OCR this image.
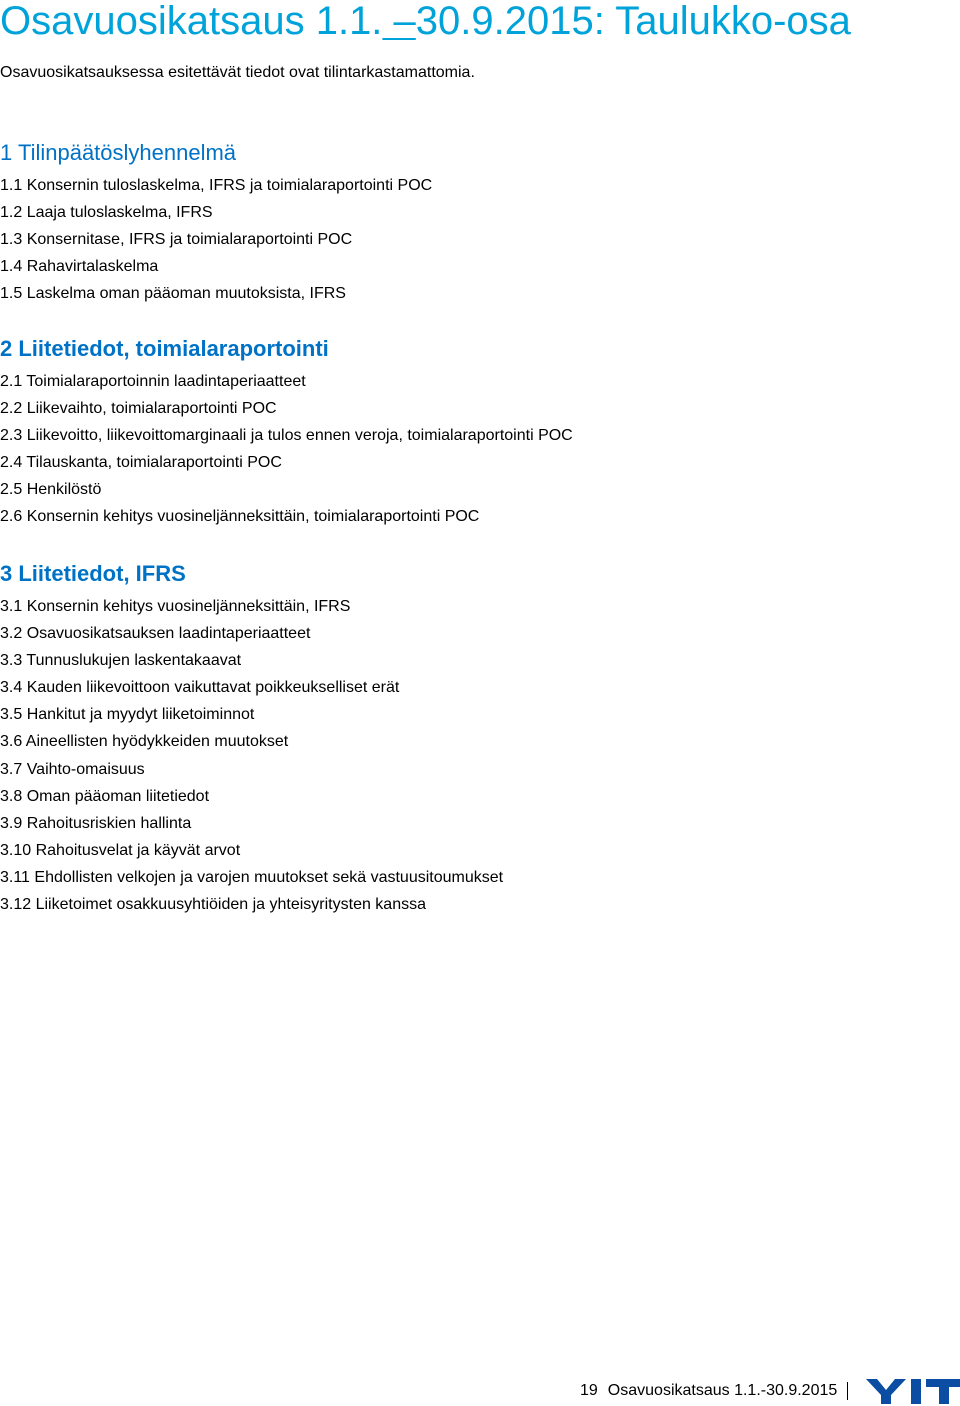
Osavuosikatsaus 1.1. –30.9.2015: Taulukko-osa

Osavuosikatsauksessa esitettävät tiedot ovat tilintarkastamattomia.

1 Tilinpäätöslyhennelmä
1.1 Konsernin tuloslaskelma, IFRS ja toimialaraportointi POC
1.2 Laaja tuloslaskelma, IFRS
1.3 Konsernitase, IFRS ja toimialaraportointi POC
1.4 Rahavirtalaskelma
1.5 Laskelma oman pääoman muutoksista, IFRS
2 Liitetiedot, toimialaraportointi
2.1 Toimialaraportoinnin laadintaperiaatteet
2.2 Liikevaihto, toimialaraportointi POC
2.3 Liikevoitto, liikevoittomarginaali ja tulos ennen veroja, toimialaraportointi POC
2.4 Tilauskanta, toimialaraportointi POC
2.5 Henkilöstö
2.6 Konsernin kehitys vuosineljänneksittäin, toimialaraportointi POC
3 Liitetiedot, IFRS
3.1 Konsernin kehitys vuosineljänneksittäin, IFRS
3.2 Osavuosikatsauksen laadintaperiaatteet
3.3 Tunnuslukujen laskentakaavat
3.4 Kauden liikevoittoon vaikuttavat poikkeukselliset erät
3.5 Hankitut ja myydyt liiketoiminnot
3.6 Aineellisten hyödykkeiden muutokset
3.7 Vaihto-omaisuus
3.8 Oman pääoman liitetiedot
3.9 Rahoitusriskien hallinta
3.10 Rahoitusvelat ja käyvät arvot
3.11 Ehdollisten velkojen ja varojen muutokset sekä vastuusitoumukset
3.12 Liiketoimet osakkuusyhtiöiden ja yhteisyritysten kanssa
19 Osavuosikatsaus 1.1.-30.9.2015
